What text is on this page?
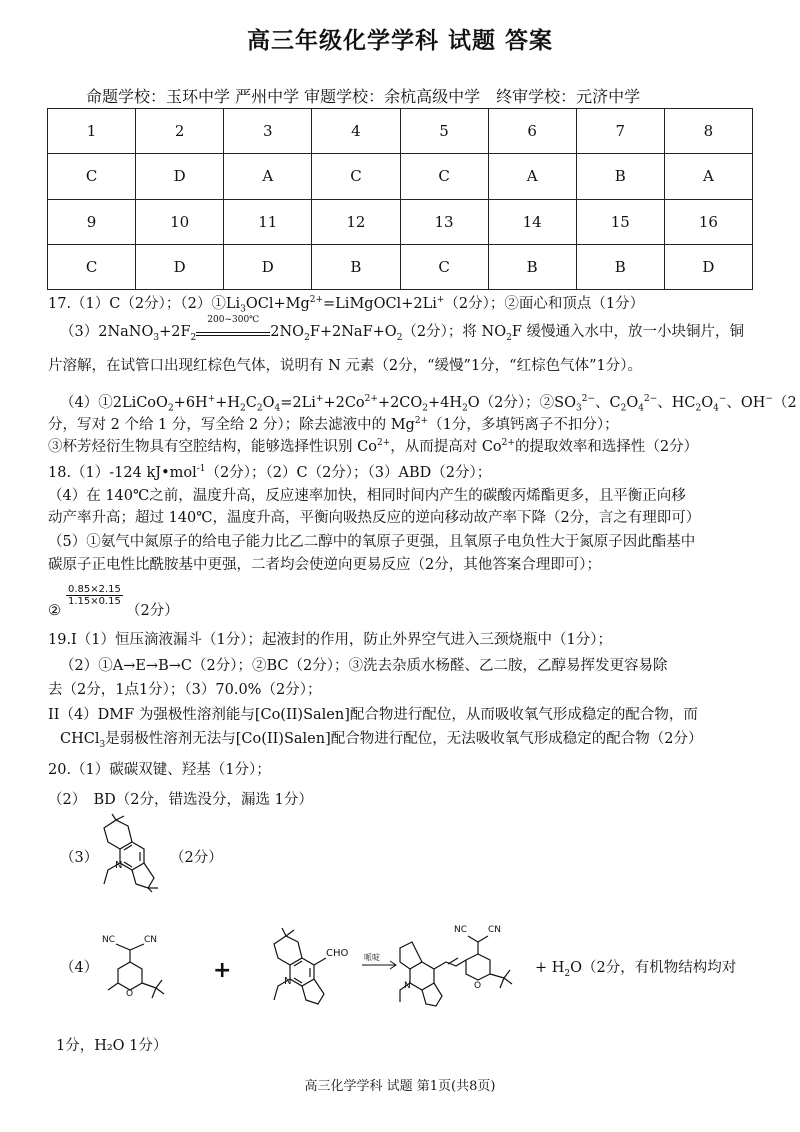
高三年级化学学科 试题 答案
命题学校：玉环中学 严州中学 审题学校：余杭高级中学　终审学校：元济中学
1	2	3	4	5	6	7	8
C	D	A	C	C	A	B	A
9	10	11	12	13	14	15	16
C	D	D	B	C	B	B	D
17.（1）C（2分）；$(2)①Li_3OCl+Mg^{2+}=LiMgOCl+2Li^+(2$分）；②面心和顶点（1分）
$(3)2NaNO_3+2F_2$
200~300℃
$2NO_2F+2NaF+O_2(2$分）；将 $NO_2F$ 缓慢通入水中，放一小块铜片，铜
片溶解，在试管口出现红棕色气体，说明有 N 元素（2分，“缓慢”1分，“红棕色气体”1分）。
$(4)①2LiCoO_2+6H^++H_2C_2O_4=2Li^++2Co^{2+}+2CO_2+4H_2O(2$分）；$②SO_3^{2-}$、$C_2O_4^{2-}$、$HC_2O_4^-$、OH−（2
分，写对 2 个给 1 分，写全给 2 分）；除去滤液中的 $Mg^{2+}(1$分，多填钙离子不扣分）；
③杯芳烃衍生物具有空腔结构，能够选择性识别 $Co^{2+}$，从而提高对 $Co^{2+}$的提取效率和选择性（2分）
18.（1）-124 kJ•mol$^{-1}$（2分）；（2）C（2分）；（3）ABD（2分）；
（4）在 140℃之前，温度升高，反应速率加快，相同时间内产生的碳酸丙烯酯更多，且平衡正向移
动产率升高；超过 140℃，温度升高，平衡向吸热反应的逆向移动故产率下降（2分，言之有理即可）
（5）①氨气中氮原子的给电子能力比乙二醇中的氧原子更强，且氧原子电负性大于氮原子因此酯基中
碳原子正电性比酰胺基中更强，二者均会使逆向更易反应（2分，其他答案合理即可）；
②
$\frac{0.85\times 2.15}{1.15\times 0.15}$
（2分）
19.I（1）恒压滴液漏斗（1分）；起液封的作用，防止外界空气进入三颈烧瓶中（1分）；
（2）①A→E→B→C（2分）；②BC（2分）；③洗去杂质水杨醛、乙二胺，乙醇易挥发更容易除
去（2分，1点1分）；（3）70.0%（2分）；
II（4）DMF 为强极性溶剂能与[Co(II)Salen]配合物进行配位，从而吸收氧气形成稳定的配合物，而
CHCl$_3$是弱极性溶剂无法与[Co(II)Salen]配合物进行配位，无法吸收氧气形成稳定的配合物（2分）
20.（1）碳碳双键、羟基（1分）；
（2）　BD（2分，错选没分，漏选 1分）
（3）	（2分）
N
（4）
NC	CN
O
+	N
CHO 哌啶
N	O
NC CN
+ $H_2O(2$分，有机物结构均对
1分，H₂O 1分）
高三化学学科 试题 第1页(共8页)
